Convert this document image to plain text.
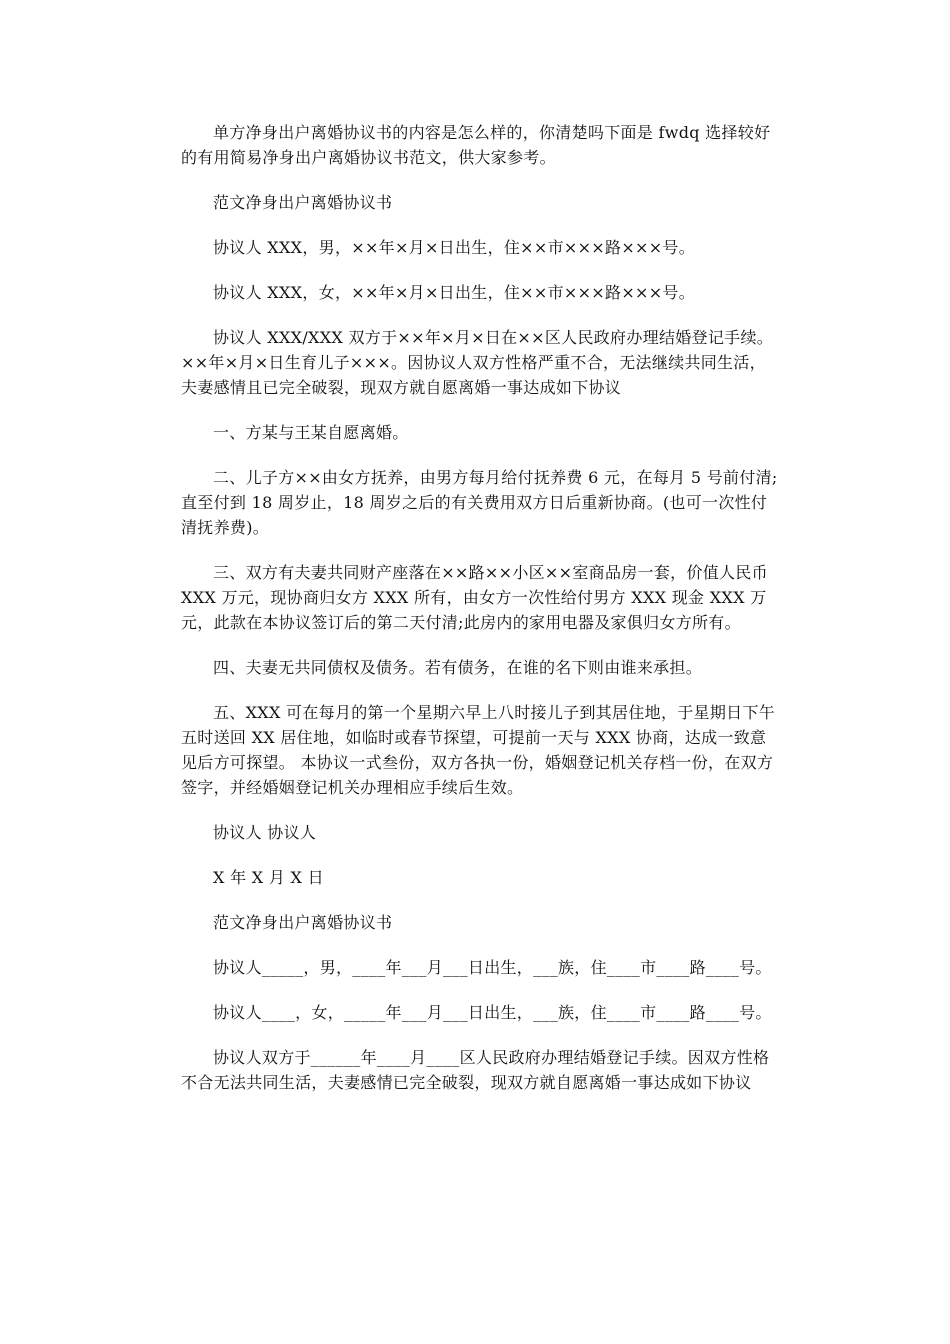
单方净身出户离婚协议书的内容是怎么样的，你清楚吗下面是 fwdq 选择较好的有用简易净身出户离婚协议书范文，供大家参考。

范文净身出户离婚协议书

协议人 XXX，男，××年×月×日出生，住××市×××路×××号。

协议人 XXX，女，××年×月×日出生，住××市×××路×××号。

协议人 XXX/XXX 双方于××年×月×日在××区人民政府办理结婚登记手续。××年×月×日生育儿子×××。因协议人双方性格严重不合，无法继续共同生活，夫妻感情且已完全破裂，现双方就自愿离婚一事达成如下协议

一、方某与王某自愿离婚。

二、儿子方××由女方抚养，由男方每月给付抚养费 6 元，在每月 5 号前付清;直至付到 18 周岁止，18 周岁之后的有关费用双方日后重新协商。(也可一次性付清抚养费)。

三、双方有夫妻共同财产座落在××路××小区××室商品房一套，价值人民币 XXX 万元，现协商归女方 XXX 所有，由女方一次性给付男方 XXX 现金 XXX 万元，此款在本协议签订后的第二天付清;此房内的家用电器及家俱归女方所有。

四、夫妻无共同债权及债务。若有债务，在谁的名下则由谁来承担。

五、XXX 可在每月的第一个星期六早上八时接儿子到其居住地，于星期日下午五时送回 XX 居住地，如临时或春节探望，可提前一天与 XXX 协商，达成一致意见后方可探望。 本协议一式叁份，双方各执一份，婚姻登记机关存档一份，在双方签字，并经婚姻登记机关办理相应手续后生效。

协议人 协议人

X 年 X 月 X 日

范文净身出户离婚协议书

协议人_____，男，____年___月___日出生，___族，住____市____路____号。

协议人____，女，_____年___月___日出生，___族，住____市____路____号。

协议人双方于______年____月____区人民政府办理结婚登记手续。因双方性格不合无法共同生活，夫妻感情已完全破裂，现双方就自愿离婚一事达成如下协议
